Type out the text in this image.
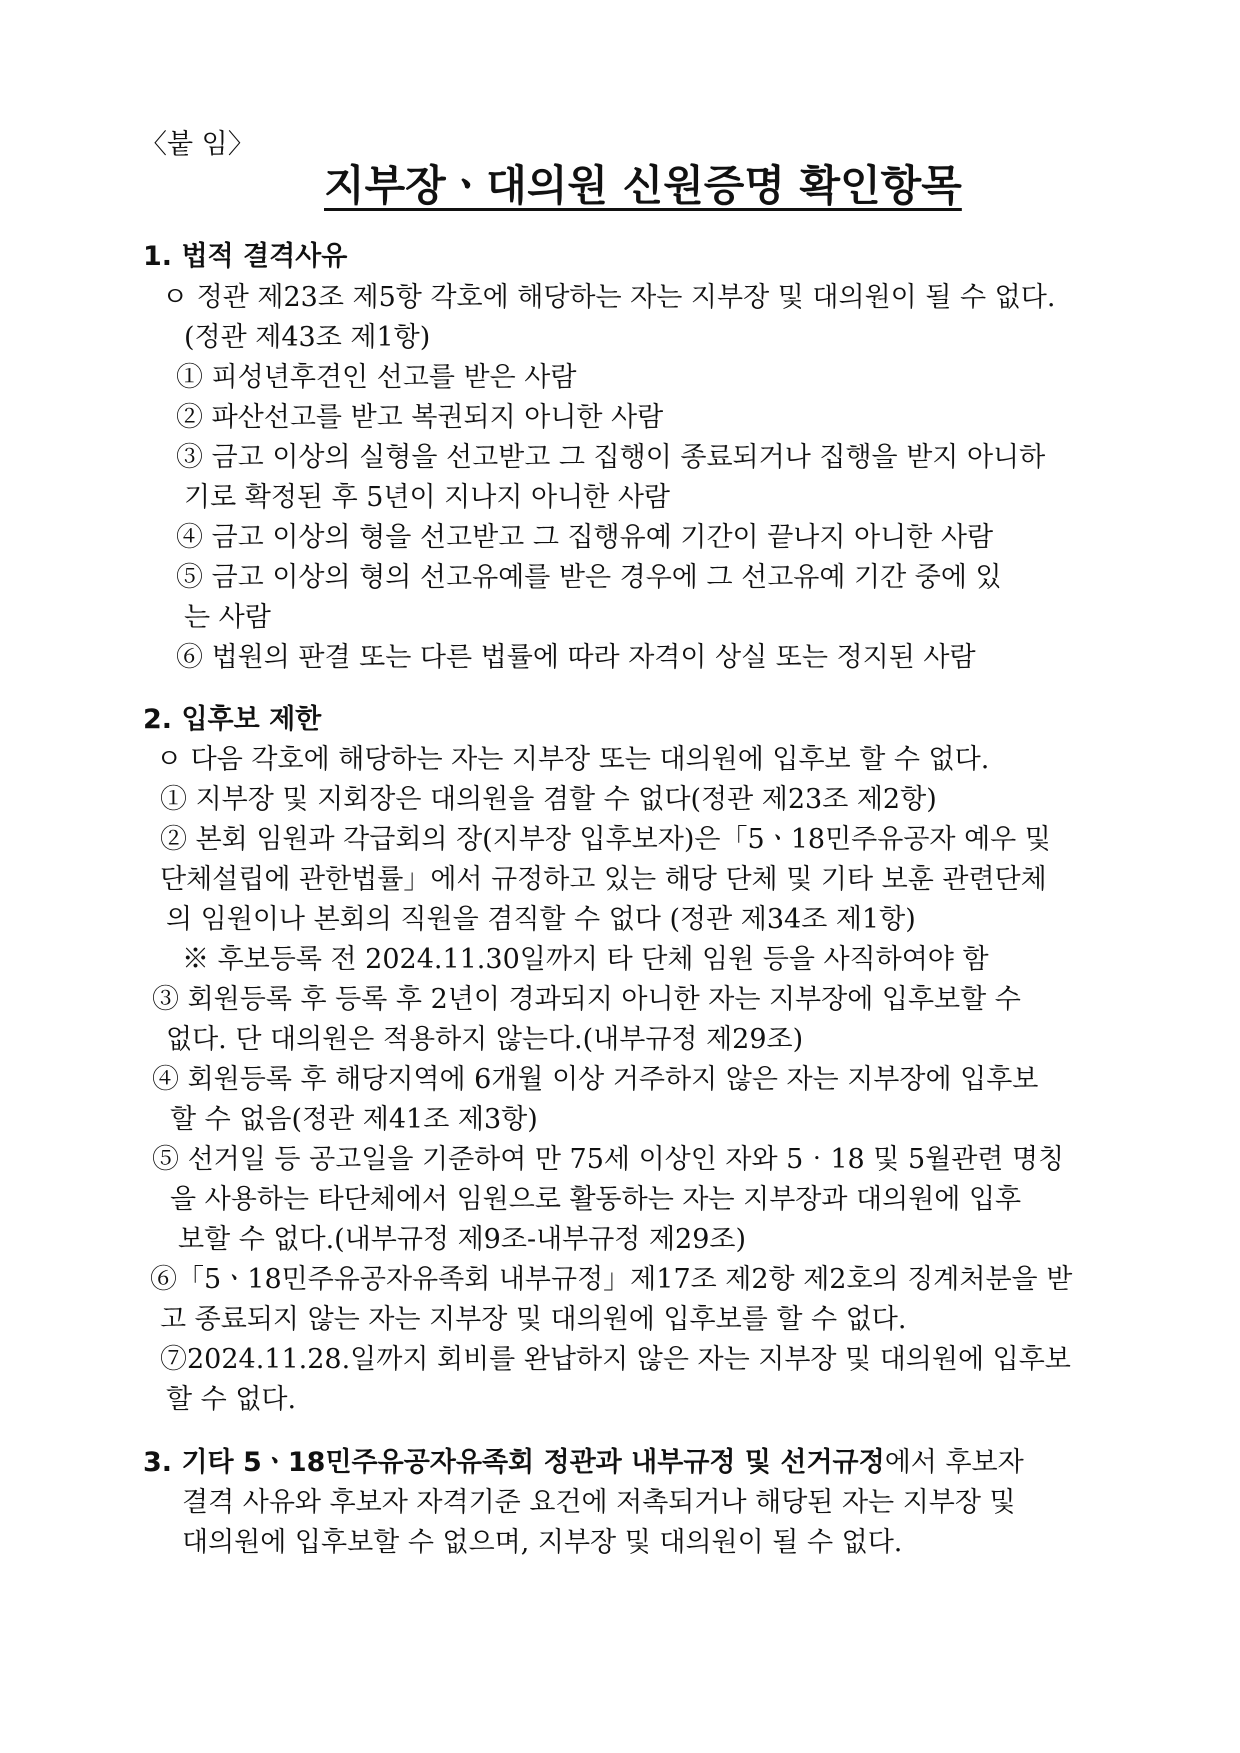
〈붙 임〉
지부장ㆍ대의원 신원증명 확인항목
1. 법적 결격사유
ㅇ 정관 제23조 제5항 각호에 해당하는 자는 지부장 및 대의원이 될 수 없다.
(정관 제43조 제1항)
① 피성년후견인 선고를 받은 사람
② 파산선고를 받고 복권되지 아니한 사람
③ 금고 이상의 실형을 선고받고 그 집행이 종료되거나 집행을 받지 아니하
기로 확정된 후 5년이 지나지 아니한 사람
④ 금고 이상의 형을 선고받고 그 집행유예 기간이 끝나지 아니한 사람
⑤ 금고 이상의 형의 선고유예를 받은 경우에 그 선고유예 기간 중에 있
는 사람
⑥ 법원의 판결 또는 다른 법률에 따라 자격이 상실 또는 정지된 사람
2. 입후보 제한
ㅇ 다음 각호에 해당하는 자는 지부장 또는 대의원에 입후보 할 수 없다.
① 지부장 및 지회장은 대의원을 겸할 수 없다(정관 제23조 제2항)
② 본회 임원과 각급회의 장(지부장 입후보자)은「5ㆍ18민주유공자 예우 및
단체설립에 관한법률」에서 규정하고 있는 해당 단체 및 기타 보훈 관련단체
의 임원이나 본회의 직원을 겸직할 수 없다 (정관 제34조 제1항)
※ 후보등록 전 2024.11.30일까지 타 단체 임원 등을 사직하여야 함
③ 회원등록 후 등록 후 2년이 경과되지 아니한 자는 지부장에 입후보할 수
없다. 단 대의원은 적용하지 않는다.(내부규정 제29조)
④ 회원등록 후 해당지역에 6개월 이상 거주하지 않은 자는 지부장에 입후보
할 수 없음(정관 제41조 제3항)
⑤ 선거일 등 공고일을 기준하여 만 75세 이상인 자와 5‧18 및 5월관련 명칭
을 사용하는 타단체에서 임원으로 활동하는 자는 지부장과 대의원에 입후
보할 수 없다.(내부규정 제9조-내부규정 제29조)
⑥「5ㆍ18민주유공자유족회 내부규정」제17조 제2항 제2호의 징계처분을 받
고 종료되지 않는 자는 지부장 및 대의원에 입후보를 할 수 없다.
⑦2024.11.28.일까지 회비를 완납하지 않은 자는 지부장 및 대의원에 입후보
할 수 없다.
3. 기타 5ㆍ18민주유공자유족회 정관과 내부규정 및 선거규정에서 후보자
결격 사유와 후보자 자격기준 요건에 저촉되거나 해당된 자는 지부장 및
대의원에 입후보할 수 없으며, 지부장 및 대의원이 될 수 없다.
